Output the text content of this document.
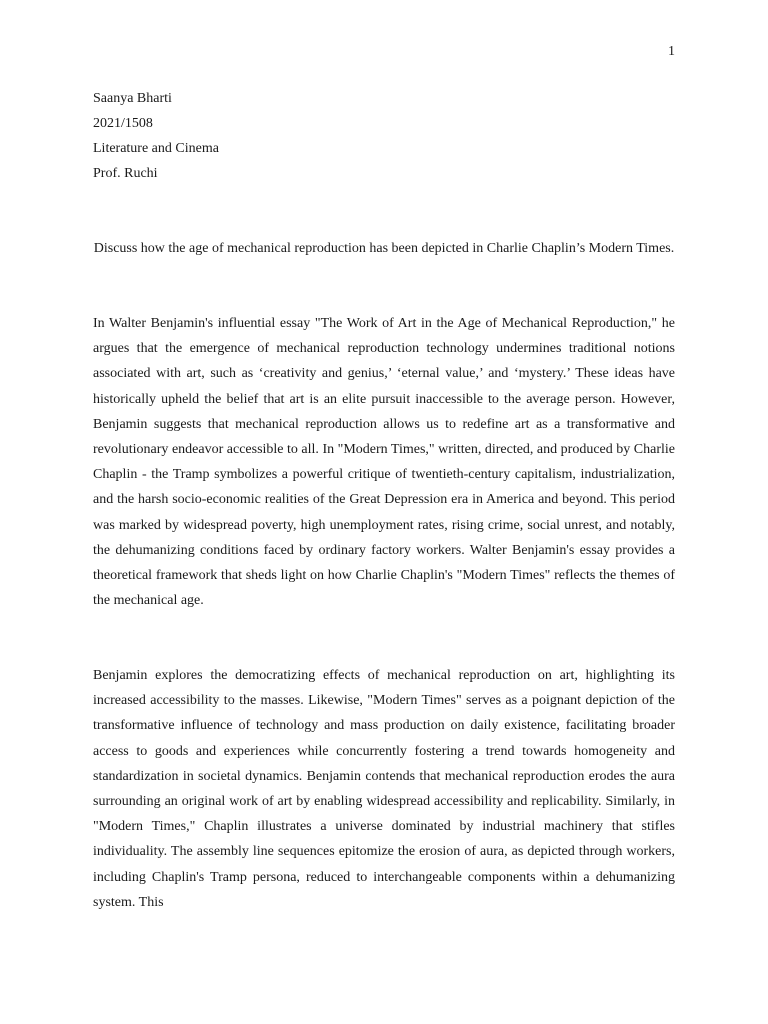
1
Saanya Bharti
2021/1508
Literature and Cinema
Prof. Ruchi
Discuss how the age of mechanical reproduction has been depicted in Charlie Chaplin’s Modern Times.

In Walter Benjamin's influential essay "The Work of Art in the Age of Mechanical Reproduction," he argues that the emergence of mechanical reproduction technology undermines traditional notions associated with art, such as ‘creativity and genius,’ ‘eternal value,’ and ‘mystery.’ These ideas have historically upheld the belief that art is an elite pursuit inaccessible to the average person. However, Benjamin suggests that mechanical reproduction allows us to redefine art as a transformative and revolutionary endeavor accessible to all. In "Modern Times," written, directed, and produced by Charlie Chaplin - the Tramp symbolizes a powerful critique of twentieth-century capitalism, industrialization, and the harsh socio-economic realities of the Great Depression era in America and beyond. This period was marked by widespread poverty, high unemployment rates, rising crime, social unrest, and notably, the dehumanizing conditions faced by ordinary factory workers. Walter Benjamin's essay provides a theoretical framework that sheds light on how Charlie Chaplin's "Modern Times" reflects the themes of the mechanical age.

Benjamin explores the democratizing effects of mechanical reproduction on art, highlighting its increased accessibility to the masses. Likewise, "Modern Times" serves as a poignant depiction of the transformative influence of technology and mass production on daily existence, facilitating broader access to goods and experiences while concurrently fostering a trend towards homogeneity and standardization in societal dynamics. Benjamin contends that mechanical reproduction erodes the aura surrounding an original work of art by enabling widespread accessibility and replicability. Similarly, in "Modern Times," Chaplin illustrates a universe dominated by industrial machinery that stifles individuality. The assembly line sequences epitomize the erosion of aura, as depicted through workers, including Chaplin's Tramp persona, reduced to interchangeable components within a dehumanizing system. This
